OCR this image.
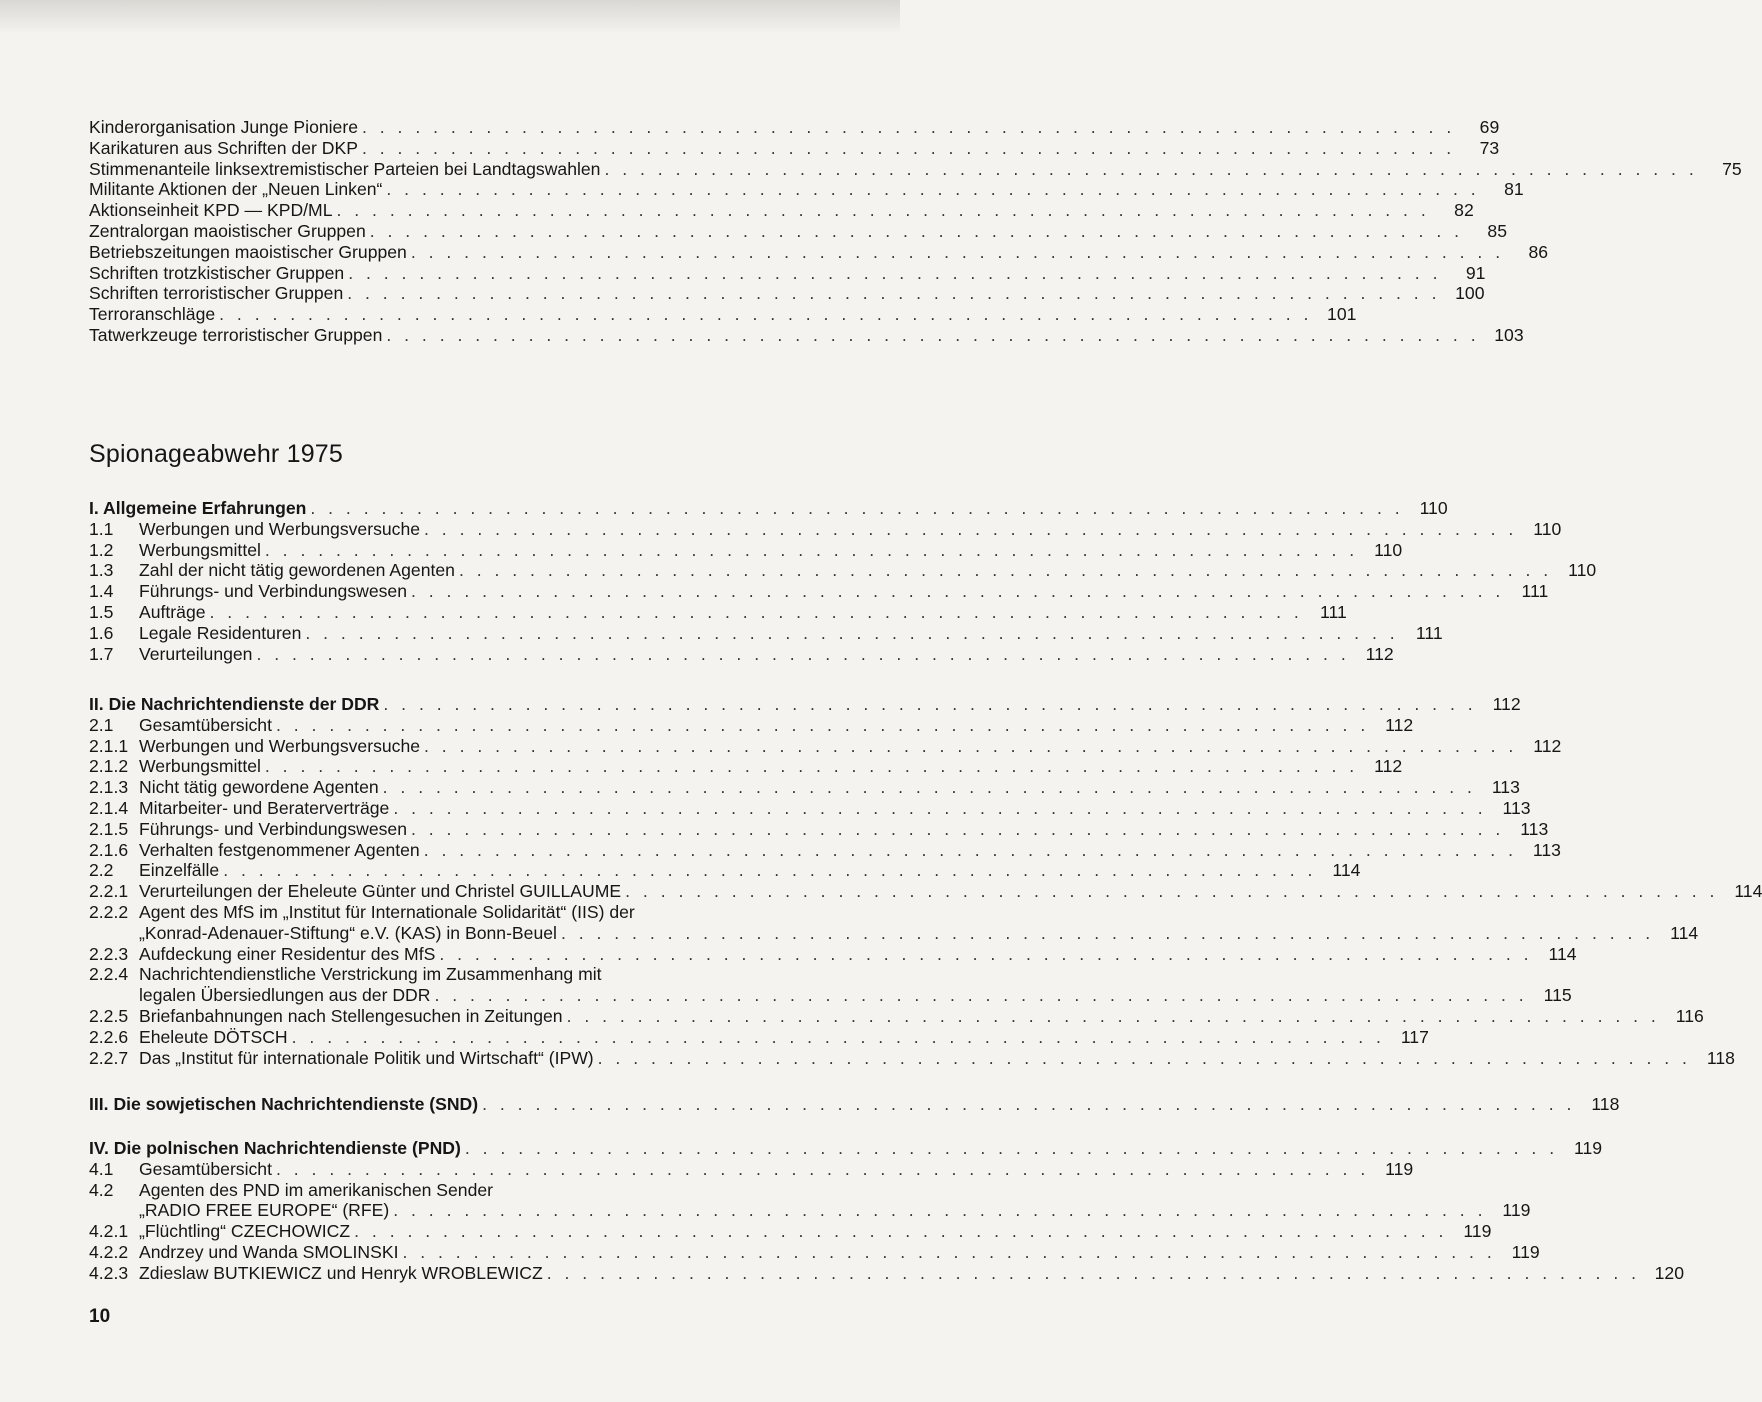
Kinderorganisation Junge Pioniere . . .	69
Karikaturen aus Schriften der DKP . . .	73
Stimmenanteile linksextremistischer Parteien bei Landtagswahlen . . .	75
Militante Aktionen der „Neuen Linken“ . . .	81
Aktionseinheit KPD — KPD/ML . . .	82
Zentralorgan maoistischer Gruppen . . .	85
Betriebszeitungen maoistischer Gruppen . . .	86
Schriften trotzkistischer Gruppen . . .	91
Schriften terroristischer Gruppen . . .	100
Terroranschläge . . .	101
Tatwerkzeuge terroristischer Gruppen . . .	103
Spionageabwehr 1975
I. Allgemeine Erfahrungen . . .	110
1.1	Werbungen und Werbungsversuche . . .	110
1.2	Werbungsmittel . . .	110
1.3	Zahl der nicht tätig gewordenen Agenten . . .	110
1.4	Führungs- und Verbindungswesen . . .	111
1.5	Aufträge . . .	111
1.6	Legale Residenturen . . .	111
1.7	Verurteilungen . . .	112
II. Die Nachrichtendienste der DDR . . .	112
2.1	Gesamtübersicht . . .	112
2.1.1 Werbungen und Werbungsversuche . . .	112
2.1.2 Werbungsmittel . . .	112
2.1.3 Nicht tätig gewordene Agenten . . .	113
2.1.4 Mitarbeiter- und Beraterverträge . . .	113
2.1.5 Führungs- und Verbindungswesen . . .	113
2.1.6 Verhalten festgenommener Agenten . . .	113
2.2	Einzelfälle . . .	114
2.2.1 Verurteilungen der Eheleute Günter und Christel GUILLAUME . . .	114
2.2.2 Agent des MfS im „Institut für Internationale Solidarität“ (IIS) der
„Konrad-Adenauer-Stiftung“ e.V. (KAS) in Bonn-Beuel . . .	114
2.2.3 Aufdeckung einer Residentur des MfS . . .	114
2.2.4 Nachrichtendienstliche Verstrickung im Zusammenhang mit
legalen Übersiedlungen aus der DDR . . .	115
2.2.5 Briefanbahnungen nach Stellengesuchen in Zeitungen . . .	116
2.2.6 Eheleute DÖTSCH . . .	117
2.2.7 Das „Institut für internationale Politik und Wirtschaft“ (IPW) . . .	118
III. Die sowjetischen Nachrichtendienste (SND) . . .	118
IV. Die polnischen Nachrichtendienste (PND) . . .	119
4.1	Gesamtübersicht . . .	119
4.2	Agenten des PND im amerikanischen Sender
„RADIO FREE EUROPE“ (RFE) . . .	119
4.2.1 „Flüchtling“ CZECHOWICZ . . .	119
4.2.2 Andrzey und Wanda SMOLINSKI . . .	119
4.2.3 Zdieslaw BUTKIEWICZ und Henryk WROBLEWICZ . . .	120
10
